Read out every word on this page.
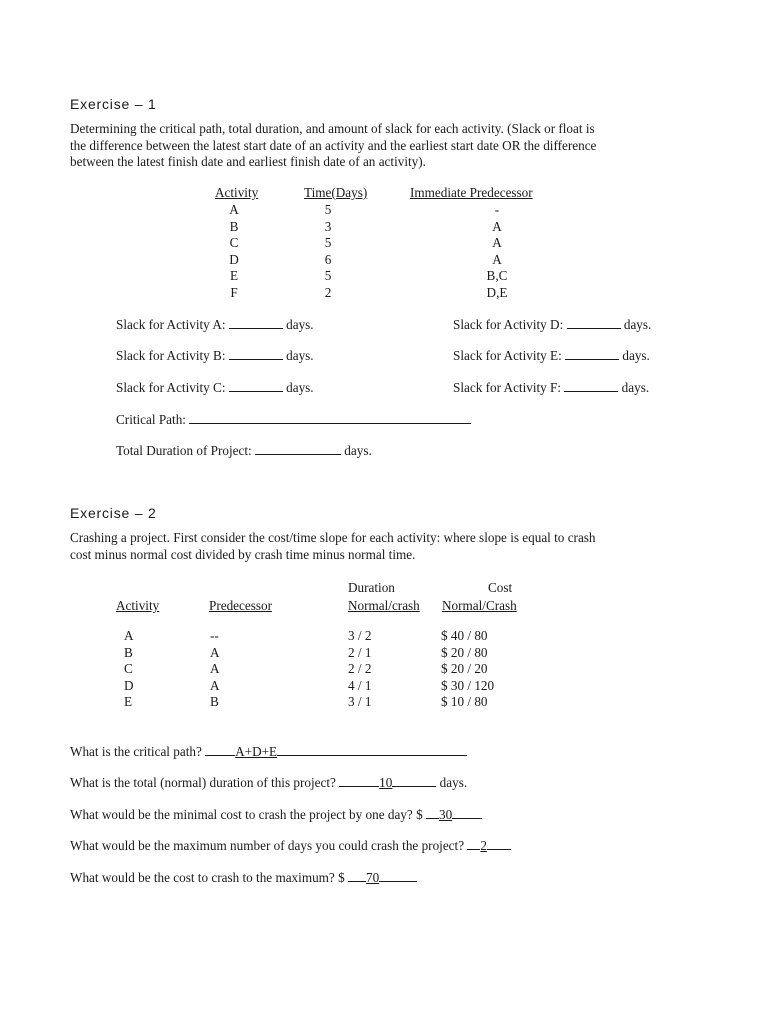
Exercise – 1
Determining the critical path, total duration, and amount of slack for each activity. (Slack or float is
the difference between the latest start date of an activity and the earliest start date OR the difference
between the latest finish date and earliest finish date of an activity).
Activity	Time(Days)	Immediate Predecessor
A	5	-
B	3	A
C	5	A
D	6	A
E	5	B,C
F	2	D,E
Slack for Activity A:	days.	Slack for Activity D:	days.
Slack for Activity B:	days.	Slack for Activity E:	days.
Slack for Activity C:	days.	Slack for Activity F:	days.
Critical Path:
Total Duration of Project:	days.
Exercise – 2
Crashing a project. First consider the cost/time slope for each activity: where slope is equal to crash
cost minus normal cost divided by crash time minus normal time.
Duration	Cost
Activity	Predecessor	Normal/crash Normal/Crash
A	--	3 / 2	$ 40 / 80
B	A	2 / 1	$ 20 / 80
C	A	2 / 2	$ 20 / 20
D	A	4 / 1	$ 30 / 120
E	B	3 / 1	$ 10 / 80
What is the critical path?	A+D+E
What is the total (normal) duration of this project?	10	days.
What would be the minimal cost to crash the project by one day? $ 30
What would be the maximum number of days you could crash the project? 2
What would be the cost to crash to the maximum? $ 70
